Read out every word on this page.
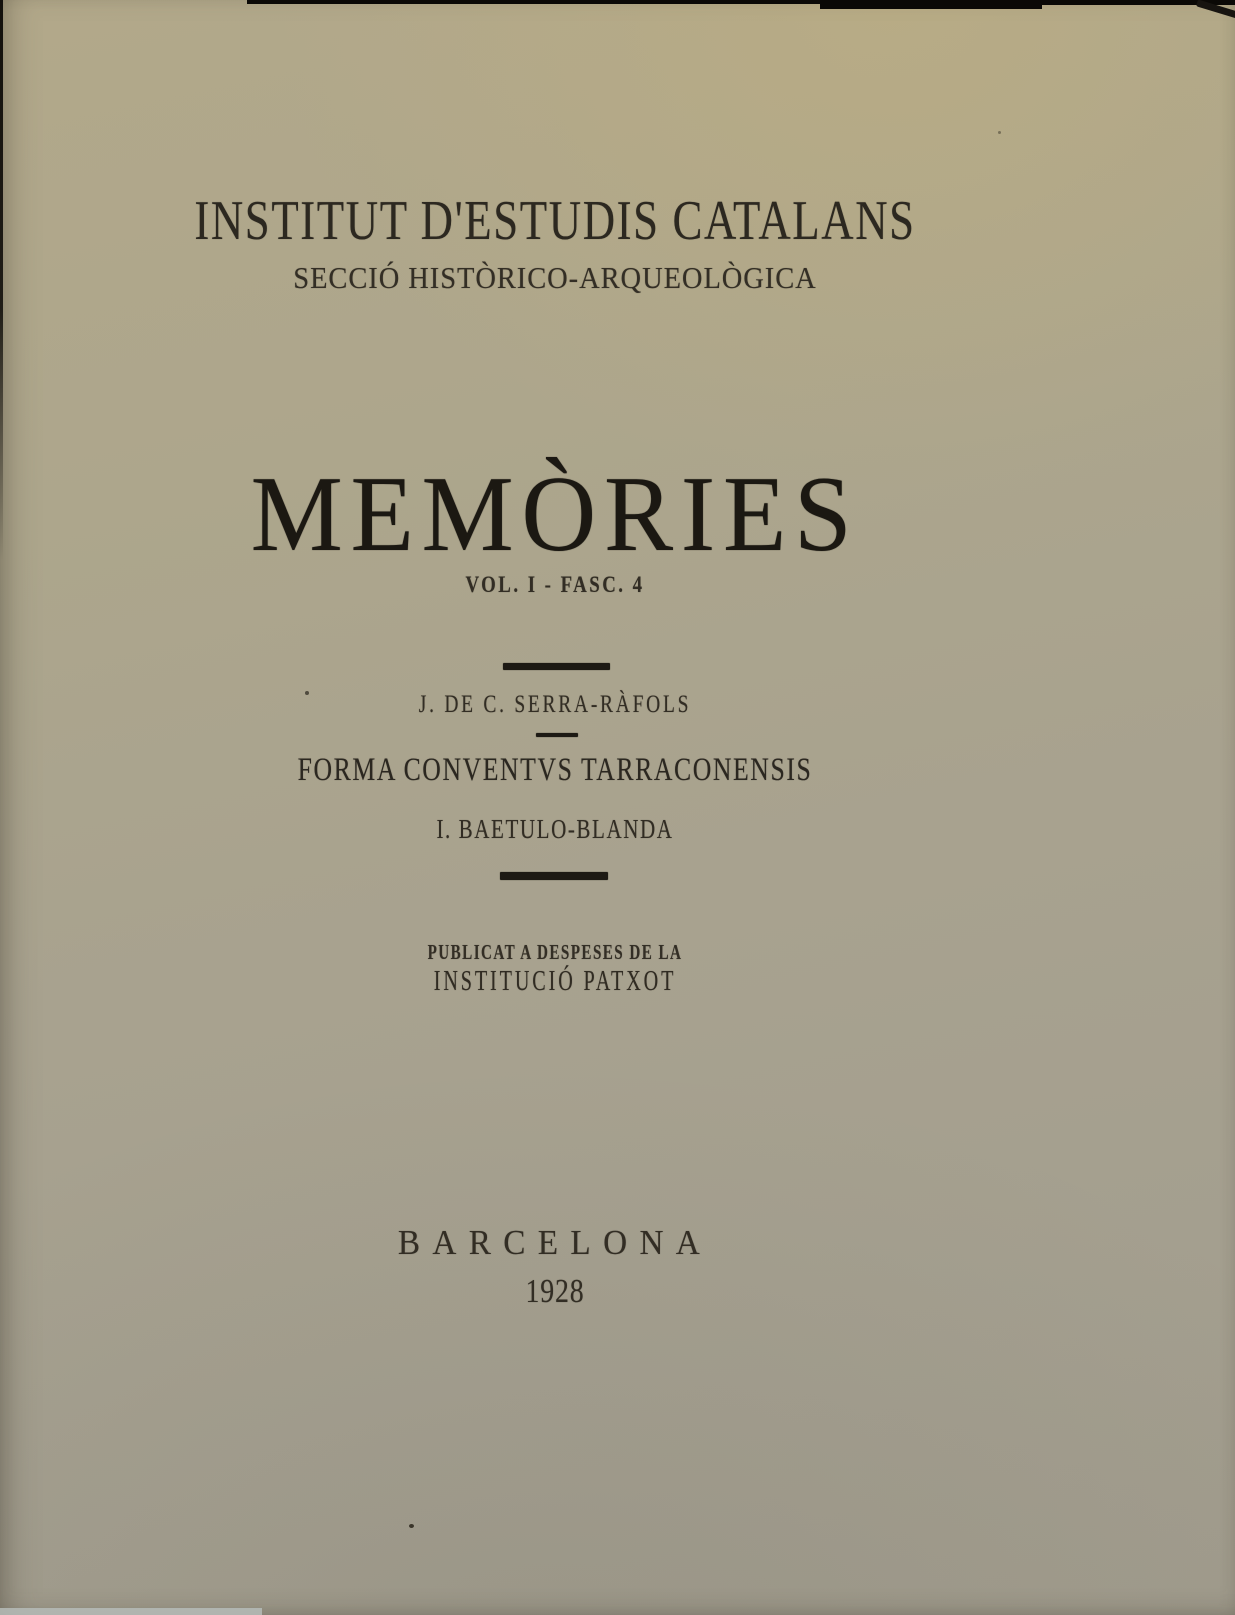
INSTITUT D'ESTUDIS CATALANS
SECCIÓ HISTÒRICO-ARQUEOLÒGICA
MEMÒRIES
VOL. I - FASC. 4
J. DE C. SERRA-RÀFOLS
FORMA CONVENTVS TARRACONENSIS
I. BAETULO-BLANDA
PUBLICAT A DESPESES DE LA
INSTITUCIÓ PATXOT
BARCELONA
1928
